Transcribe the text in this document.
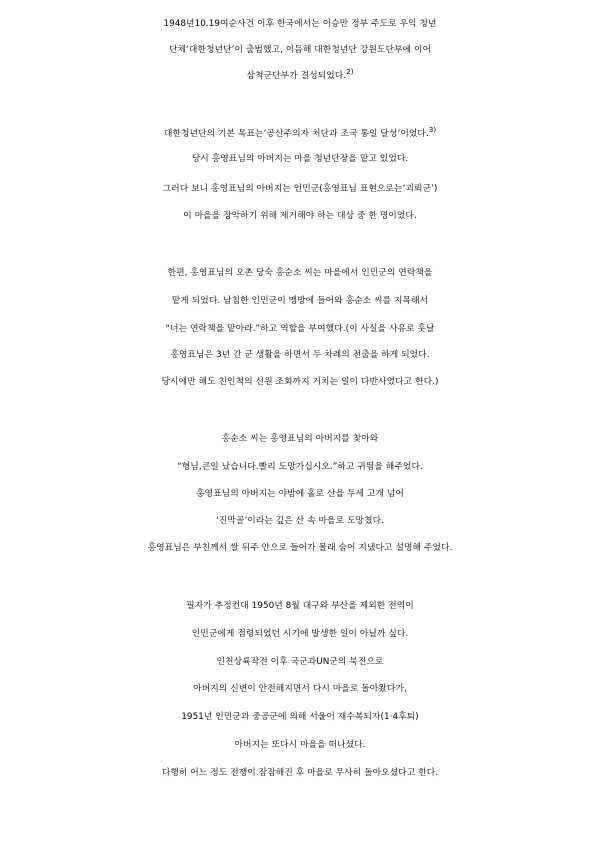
1948년10.19여순사건 이후 한국에서는 이승만 정부 주도로 우익 청년
단체‘대한청년단’이 출범했고, 이듬해 대한청년단 강원도단부에 이어
삼척군단부가 결성되었다.$^{2)}$
대한청년단의 기본 목표는‘공산주의자 처단과 조국 통일 달성’이었다.$^{3)}$
당시 홍영표님의 아버지는 마을 청년단장을 맡고 있었다.
그러다 보니 홍영표님의 아버지는 인민군(홍영표님 표현으로는‘괴뢰군’)
이 마을을 장악하기 위해 제거해야 하는 대상 중 한 명이었다.
한편, 홍영표님의 오촌 당숙 홍순소 씨는 마을에서 인민군의 연락책을
맡게 되었다. 남침한 인민군이 맹방에 들어와 홍순소 씨를 지목해서
“너는 연락책을 맡아라.”하고 역할을 부여했다.(이 사실을 사유로 훗날
홍영표님은 3년 간 군 생활을 하면서 두 차례의 전출을 하게 되었다.
당시에만 해도 친인척의 신원 조회까지 거치는 일이 다반사였다고 한다.)
홍순소 씨는 홍영표님의 아버지를 찾아와
“형님,큰일 났습니다.빨리 도망가십시오.”하고 귀띔을 해주었다.
홍영표님의 아버지는 야밤에 홀로 산을 두세 고개 넘어
‘진막골’이라는 깊은 산 속 마을로 도망쳤다.
홍영표님은 부친께서 쌀 뒤주 안으로 들어가 몰래 숨어 지냈다고 설명해 주었다.
필자가 추정컨대 1950년 8월 대구와 부산을 제외한 전역이
인민군에게 점령되었던 시기에 발생한 일이 아닐까 싶다.
인천상륙작전 이후 국군과UN군의 북진으로
아버지의 신변이 안전해지면서 다시 마을로 돌아왔다가,
1951년 인민군과 중공군에 의해 서울이 재수복되자(1·4후퇴)
아버지는 또다시 마을을 떠나셨다.
다행히 어느 정도 전쟁이 잠잠해진 후 마을로 무사히 돌아오셨다고 한다.
